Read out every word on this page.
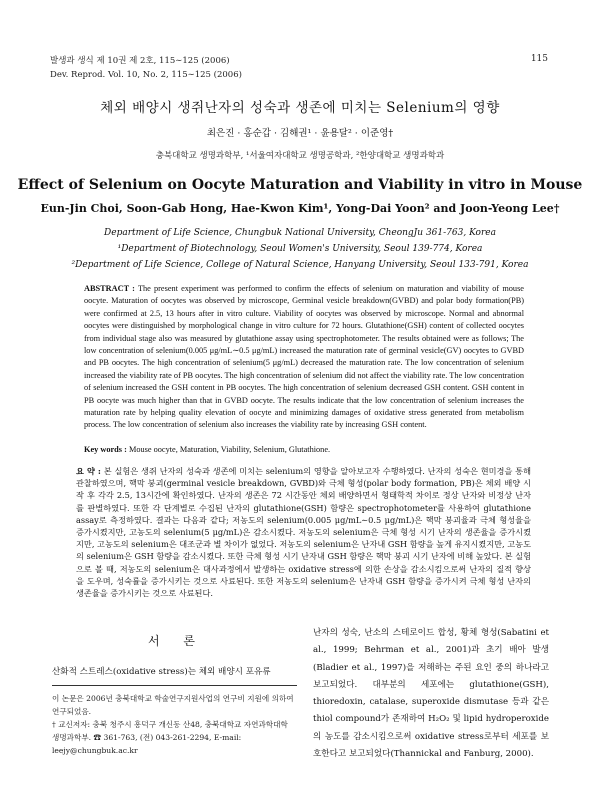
발생과 생식 제 10권 제 2호, 115∼125 (2006)
Dev. Reprod. Vol. 10, No. 2, 115∼125 (2006)
115
체외 배양시 생쥐난자의 성숙과 생존에 미치는 Selenium의 영향
최은진 · 홍순갑 · 김해권¹ · 윤용달² · 이준영†
충북대학교 생명과학부, ¹서울여자대학교 생명공학과, ²한양대학교 생명과학과
Effect of Selenium on Oocyte Maturation and Viability in vitro in Mouse
Eun-Jin Choi, Soon-Gab Hong, Hae-Kwon Kim¹, Yong-Dai Yoon² and Joon-Yeong Lee†
Department of Life Science, Chungbuk National University, CheongJu 361-763, Korea
¹Department of Biotechnology, Seoul Women's University, Seoul 139-774, Korea
²Department of Life Science, College of Natural Science, Hanyang University, Seoul 133-791, Korea
ABSTRACT : The present experiment was performed to confirm the effects of selenium on maturation and viability of mouse oocyte. Maturation of oocytes was observed by microscope, Germinal vesicle breakdown(GVBD) and polar body formation(PB) were confirmed at 2.5, 13 hours after in vitro culture. Viability of oocytes was observed by microscope. Normal and abnormal oocytes were distinguished by morphological change in vitro culture for 72 hours. Glutathione(GSH) content of collected oocytes from individual stage also was measured by glutathione assay using spectrophotometer. The results obtained were as follows; The low concentration of selenium(0.005 μg/mL∼0.5 μg/mL) increased the maturation rate of germinal vesicle(GV) oocytes to GVBD and PB oocytes. The high concentration of selenium(5 μg/mL) decreased the maturation rate. The low concentration of selenium increased the viability rate of PB oocytes. The high concentration of selenium did not affect the viability rate. The low concentration of selenium increased the GSH content in PB oocytes. The high concentration of selenium decreased GSH content. GSH content in PB oocyte was much higher than that in GVBD oocyte. The results indicate that the low concentration of selenium increases the maturation rate by helping quality elevation of oocyte and minimizing damages of oxidative stress generated from metabolism process. The low concentration of selenium also increases the viability rate by increasing GSH content.
Key words : Mouse oocyte, Maturation, Viability, Selenium, Glutathione.
요 약 : 본 실험은 생쥐 난자의 성숙과 생존에 미치는 selenium의 영향을 알아보고자 수행하였다. 난자의 성숙은 현미경을 통해 관찰하였으며, 핵막 붕괴(germinal vesicle breakdown, GVBD)와 극체 형성(polar body formation, PB)은 체외 배양 시작 후 각각 2.5, 13시간에 확인하였다. 난자의 생존은 72 시간동안 체외 배양하면서 형태학적 차이로 정상 난자와 비정상 난자를 판별하였다. 또한 각 단계별로 수집된 난자의 glutathione(GSH) 함량은 spectrophotometer를 사용하여 glutathione assay로 측정하였다. 결과는 다음과 같다; 저농도의 selenium(0.005 μg/mL∼0.5 μg/mL)은 핵막 붕괴율과 극체 형성율을 증가시켰지만, 고농도의 selenium(5 μg/mL)은 감소시켰다. 저농도의 selenium은 극체 형성 시기 난자의 생존율을 증가시켰지만, 고농도의 selenium은 대조군과 별 차이가 없었다. 저농도의 selenium은 난자내 GSH 함량을 높게 유지시켰지만, 고농도의 selenium은 GSH 함량을 감소시켰다. 또한 극체 형성 시기 난자내 GSH 함량은 핵막 붕괴 시기 난자에 비해 높았다. 본 실험으로 볼 때, 저농도의 selenium은 대사과정에서 발생하는 oxidative stress에 의한 손상을 감소시킴으로써 난자의 질적 향상을 도우며, 성숙률을 증가시키는 것으로 사료된다. 또한 저농도의 selenium은 난자내 GSH 함량을 증가시켜 극체 형성 난자의 생존율을 증가시키는 것으로 사료된다.
서 론
산화적 스트레스(oxidative stress)는 체외 배양시 포유류
이 논문은 2006년 충북대학교 학술연구지원사업의 연구비 지원에 의하여 연구되었음.
† 교신저자: 충북 청주시 흥덕구 개신동 산48, 충북대학교 자연과학대학 생명과학부. ☎ 361-763, (전) 043-261-2294, E-mail: leejy@chungbuk.ac.kr
난자의 성숙, 난소의 스테로이드 합성, 황체 형성(Sabatini et al., 1999; Behrman et al., 2001)과 초기 배아 발생(Bladier et al., 1997)을 저해하는 주된 요인 중의 하나라고 보고되었다. 대부분의 세포에는 glutathione(GSH), thioredoxin, catalase, superoxide dismutase 등과 같은 thiol compound가 존재하여 H₂O₂ 및 lipid hydroperoxide의 농도를 감소시킴으로써 oxidative stress로부터 세포를 보호한다고 보고되었다(Thannickal and Fanburg, 2000).
